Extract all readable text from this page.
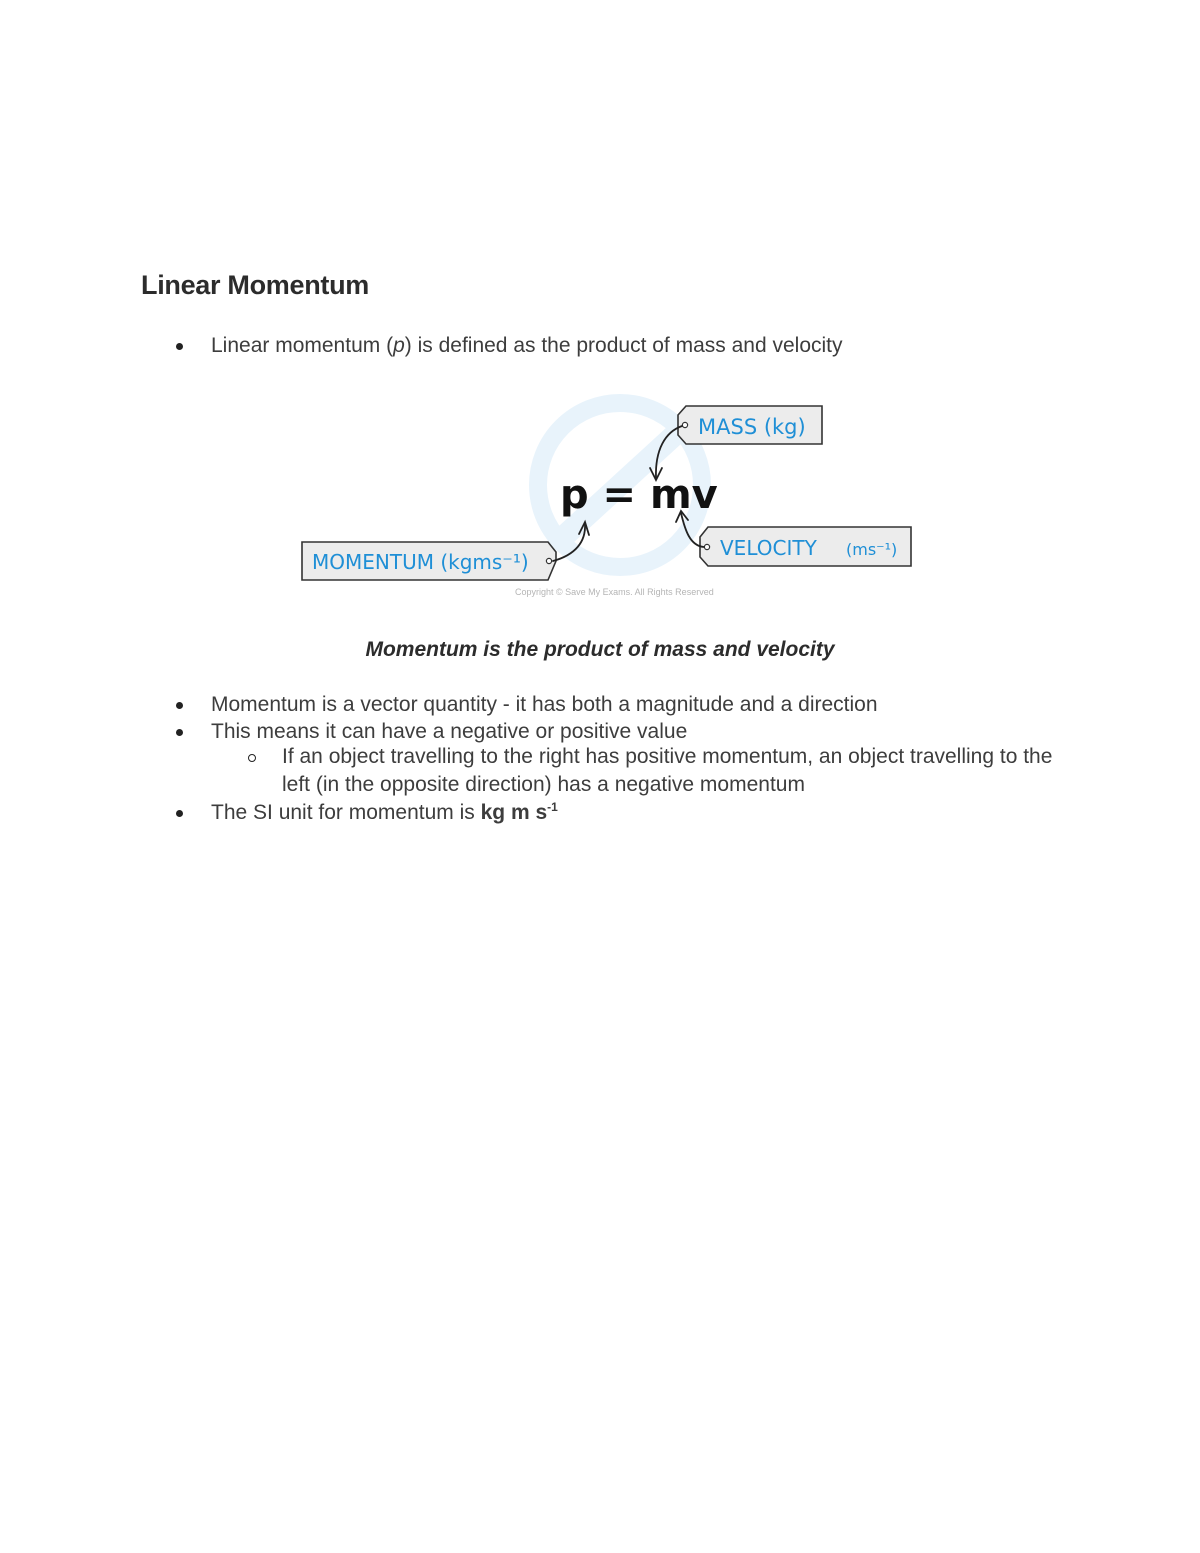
Linear Momentum
Linear momentum (p) is defined as the product of mass and velocity
MASS (kg)
VELOCITY (ms⁻¹)
MOMENTUM (kgms⁻¹)
p = mv
Copyright © Save My Exams. All Rights Reserved
Momentum is the product of mass and velocity
Momentum is a vector quantity - it has both a magnitude and a direction
This means it can have a negative or positive value
If an object travelling to the right has positive momentum, an object travelling to the left (in the opposite direction) has a negative momentum
The SI unit for momentum is kg m $s^{-1}$
